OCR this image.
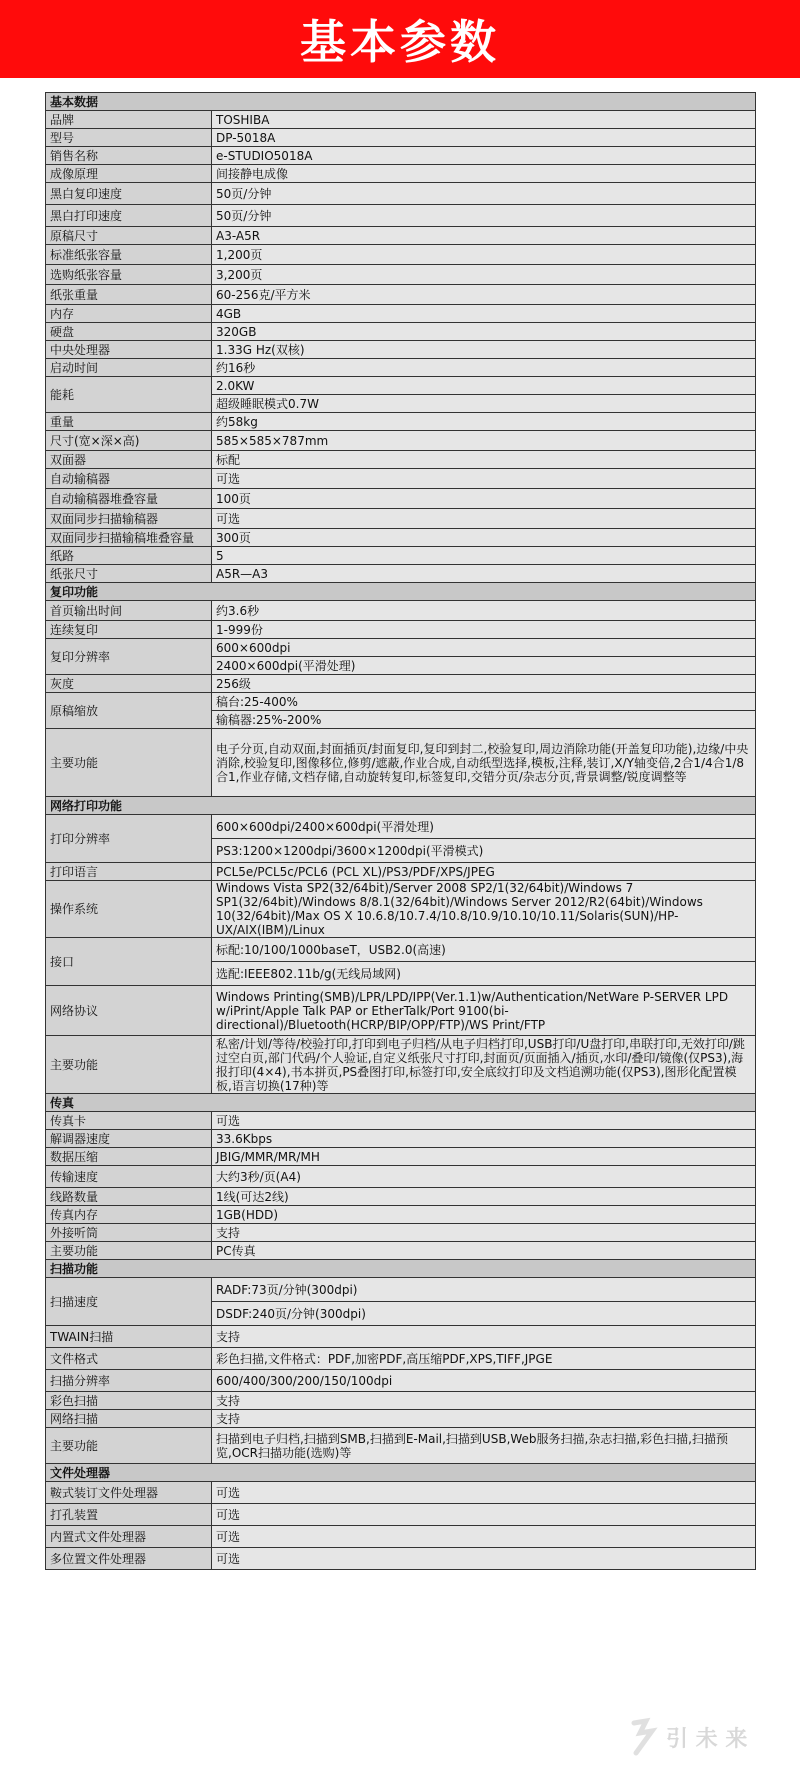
基本参数
基本数据	
品牌	TOSHIBA
型号	DP-5018A
销售名称	e-STUDIO5018A
成像原理	间接静电成像
黑白复印速度	50页/分钟
黑白打印速度	50页/分钟
原稿尺寸	A3-A5R
标准纸张容量	1,200页
选购纸张容量	3,200页
纸张重量	60-256克/平方米
内存	4GB
硬盘	320GB
中央处理器	1.33G Hz(双核)
启动时间	约16秒
能耗	2.0KW
	超级睡眠模式0.7W
重量	约58kg
尺寸(宽×深×高)	585×585×787mm
双面器	标配
自动输稿器	可选
自动输稿器堆叠容量	100页
双面同步扫描输稿器	可选
双面同步扫描输稿堆叠容量	300页
纸路	5
纸张尺寸	A5R—A3
复印功能	
首页输出时间	约3.6秒
连续复印	1-999份
复印分辨率	600×600dpi
	2400×600dpi(平滑处理)
灰度	256级
原稿缩放	稿台:25-400%
	输稿器:25%-200%
主要功能	电子分页,自动双面,封面插页/封面复印,复印到封二,校验复印,周边消除功能(开盖复印功能),边缘/中央消除,校验复印,图像移位,修剪/遮蔽,作业合成,自动纸型选择,模板,注释,装订,X/Y轴变倍,2合1/4合1/8合1,作业存储,文档存储,自动旋转复印,标签复印,交错分页/杂志分页,背景调整/锐度调整等
网络打印功能	
打印分辨率	600×600dpi/2400×600dpi(平滑处理)
	PS3:1200×1200dpi/3600×1200dpi(平滑模式)
打印语言	PCL5e/PCL5c/PCL6 (PCL XL)/PS3/PDF/XPS/JPEG
操作系统	Windows Vista SP2(32/64bit)/Server 2008 SP2/1(32/64bit)/Windows 7 SP1(32/64bit)/Windows 8/8.1(32/64bit)/Windows Server 2012/R2(64bit)/Windows 10(32/64bit)/Max OS X 10.6.8/10.7.4/10.8/10.9/10.10/10.11/Solaris(SUN)/HP-UX/AIX(IBM)/Linux
接口	标配:10/100/1000baseT，USB2.0(高速)
	选配:IEEE802.11b/g(无线局域网)
网络协议	Windows Printing(SMB)/LPR/LPD/IPP(Ver.1.1)w/Authentication/NetWare P-SERVER LPD w/iPrint/Apple Talk PAP or EtherTalk/Port 9100(bi-directional)/Bluetooth(HCRP/BIP/OPP/FTP)/WS Print/FTP
主要功能	私密/计划/等待/校验打印,打印到电子归档/从电子归档打印,USB打印/U盘打印,串联打印,无效打印/跳过空白页,部门代码/个人验证,自定义纸张尺寸打印,封面页/页面插入/插页,水印/叠印/镜像(仅PS3),海报打印(4×4),书本拼页,PS叠图打印,标签打印,安全底纹打印及文档追溯功能(仅PS3),图形化配置模板,语言切换(17种)等
传真	
传真卡	可选
解调器速度	33.6Kbps
数据压缩	JBIG/MMR/MR/MH
传输速度	大约3秒/页(A4)
线路数量	1线(可达2线)
传真内存	1GB(HDD)
外接听筒	支持
主要功能	PC传真
扫描功能	
扫描速度	RADF:73页/分钟(300dpi)
	DSDF:240页/分钟(300dpi)
TWAIN扫描	支持
文件格式	彩色扫描,文件格式：PDF,加密PDF,高压缩PDF,XPS,TIFF,JPGE
扫描分辨率	600/400/300/200/150/100dpi
彩色扫描	支持
网络扫描	支持
主要功能	扫描到电子归档,扫描到SMB,扫描到E-Mail,扫描到USB,Web服务扫描,杂志扫描,彩色扫描,扫描预览,OCR扫描功能(选购)等
文件处理器	
鞍式装订文件处理器	可选
打孔装置	可选
内置式文件处理器	可选
多位置文件处理器	可选
引 未 来
